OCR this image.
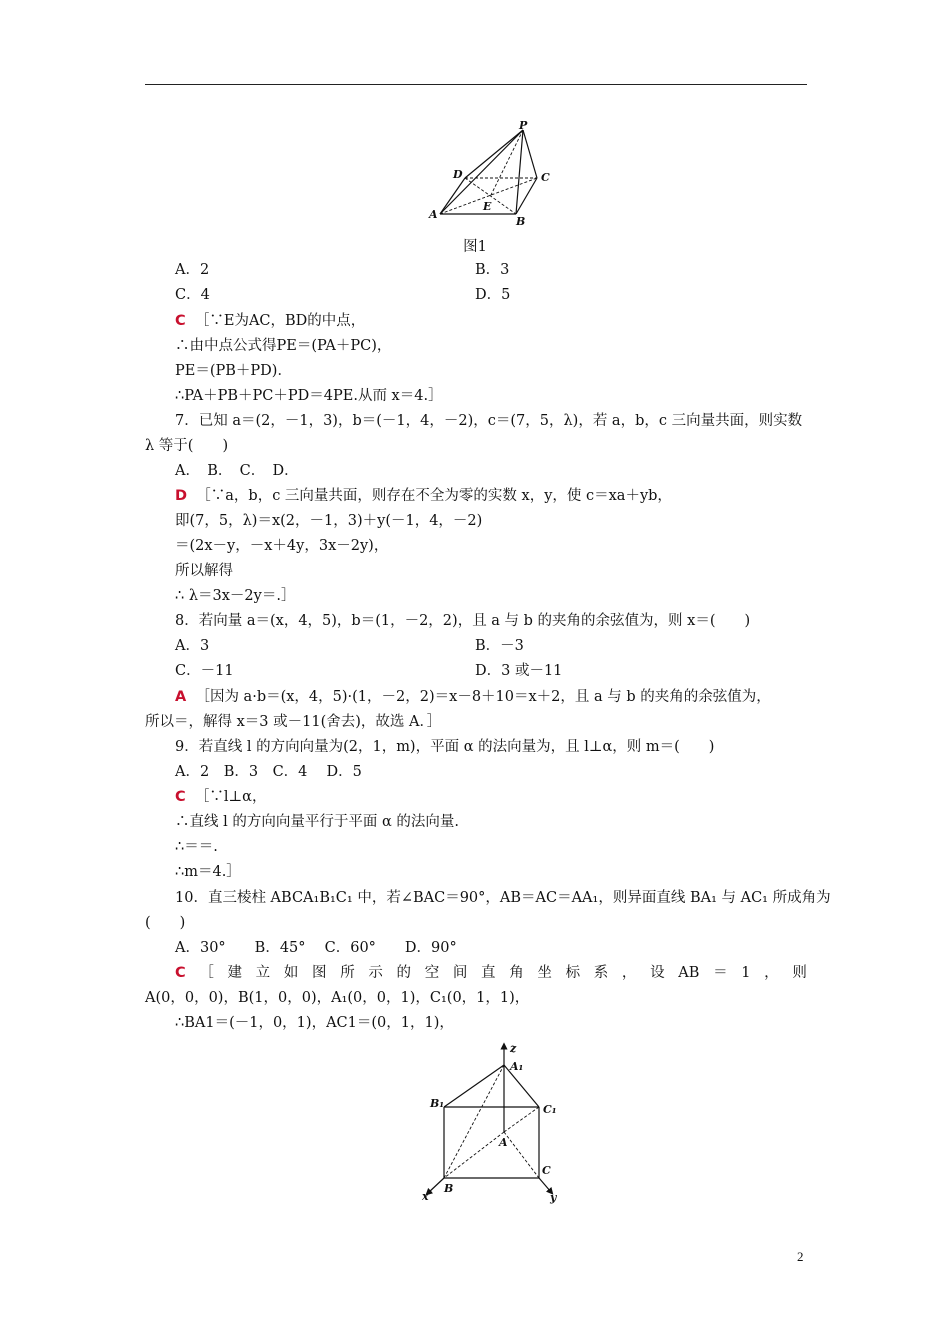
P
D	C
A
E
B
图1
A．2	B．3
C．4	D．5
C ［∵E为AC，BD的中点，
∴由中点公式得PE＝(PA＋PC)，
PE＝(PB＋PD)．
∴PA＋PB＋PC＋PD＝4PE.从而 x＝4.］
7．已知 a＝(2，－1，3)，b＝(－1，4，－2)，c＝(7，5，λ)，若 a，b，c 三向量共面，则实数
λ 等于(　　)
A．　B．　C．　D．
D ［∵a，b，c 三向量共面，则存在不全为零的实数 x，y，使 c＝xa＋yb，
即(7，5，λ)＝x(2，－1，3)＋y(－1，4，－2)
＝(2x－y，－x＋4y，3x－2y)，
所以解得
∴ λ＝3x－2y＝.］
8．若向量 a＝(x，4，5)，b＝(1，－2，2)，且 a 与 b 的夹角的余弦值为，则 x＝(　　)
A．3	B．－3
C．－11	D．3 或－11
A ［因为 a·b＝(x，4，5)·(1，－2，2)＝x－8＋10＝x＋2，且 a 与 b 的夹角的余弦值为，
所以＝，解得 x＝3 或－11(舍去)，故选 A．］
9．若直线 l 的方向向量为(2，1，m)，平面 α 的法向量为，且 l⊥α，则 m＝(　　)
A．2　B．3　C．4　 D．5
C ［∵l⊥α，
∴直线 l 的方向向量平行于平面 α 的法向量.
∴＝＝.
∴m＝4.］
10．直三棱柱 ABCA₁B₁C₁ 中，若∠BAC＝90°，AB＝AC＝AA₁，则异面直线 BA₁ 与 AC₁ 所成角为
(　　)
A．30°　　B．45°　 C．60°　　D．90°
C ［ 建 立 如 图 所 示 的 空 间 直 角 坐 标 系 ， 设 AB ＝ 1 ， 则
A(0，0，0)，B(1，0，0)，A₁(0，0，1)，C₁(0，1，1)，
∴BA1＝(－1，0，1)，AC1＝(0，1，1)，
z
A₁
B₁	C₁
A
B
C
x	y
2
